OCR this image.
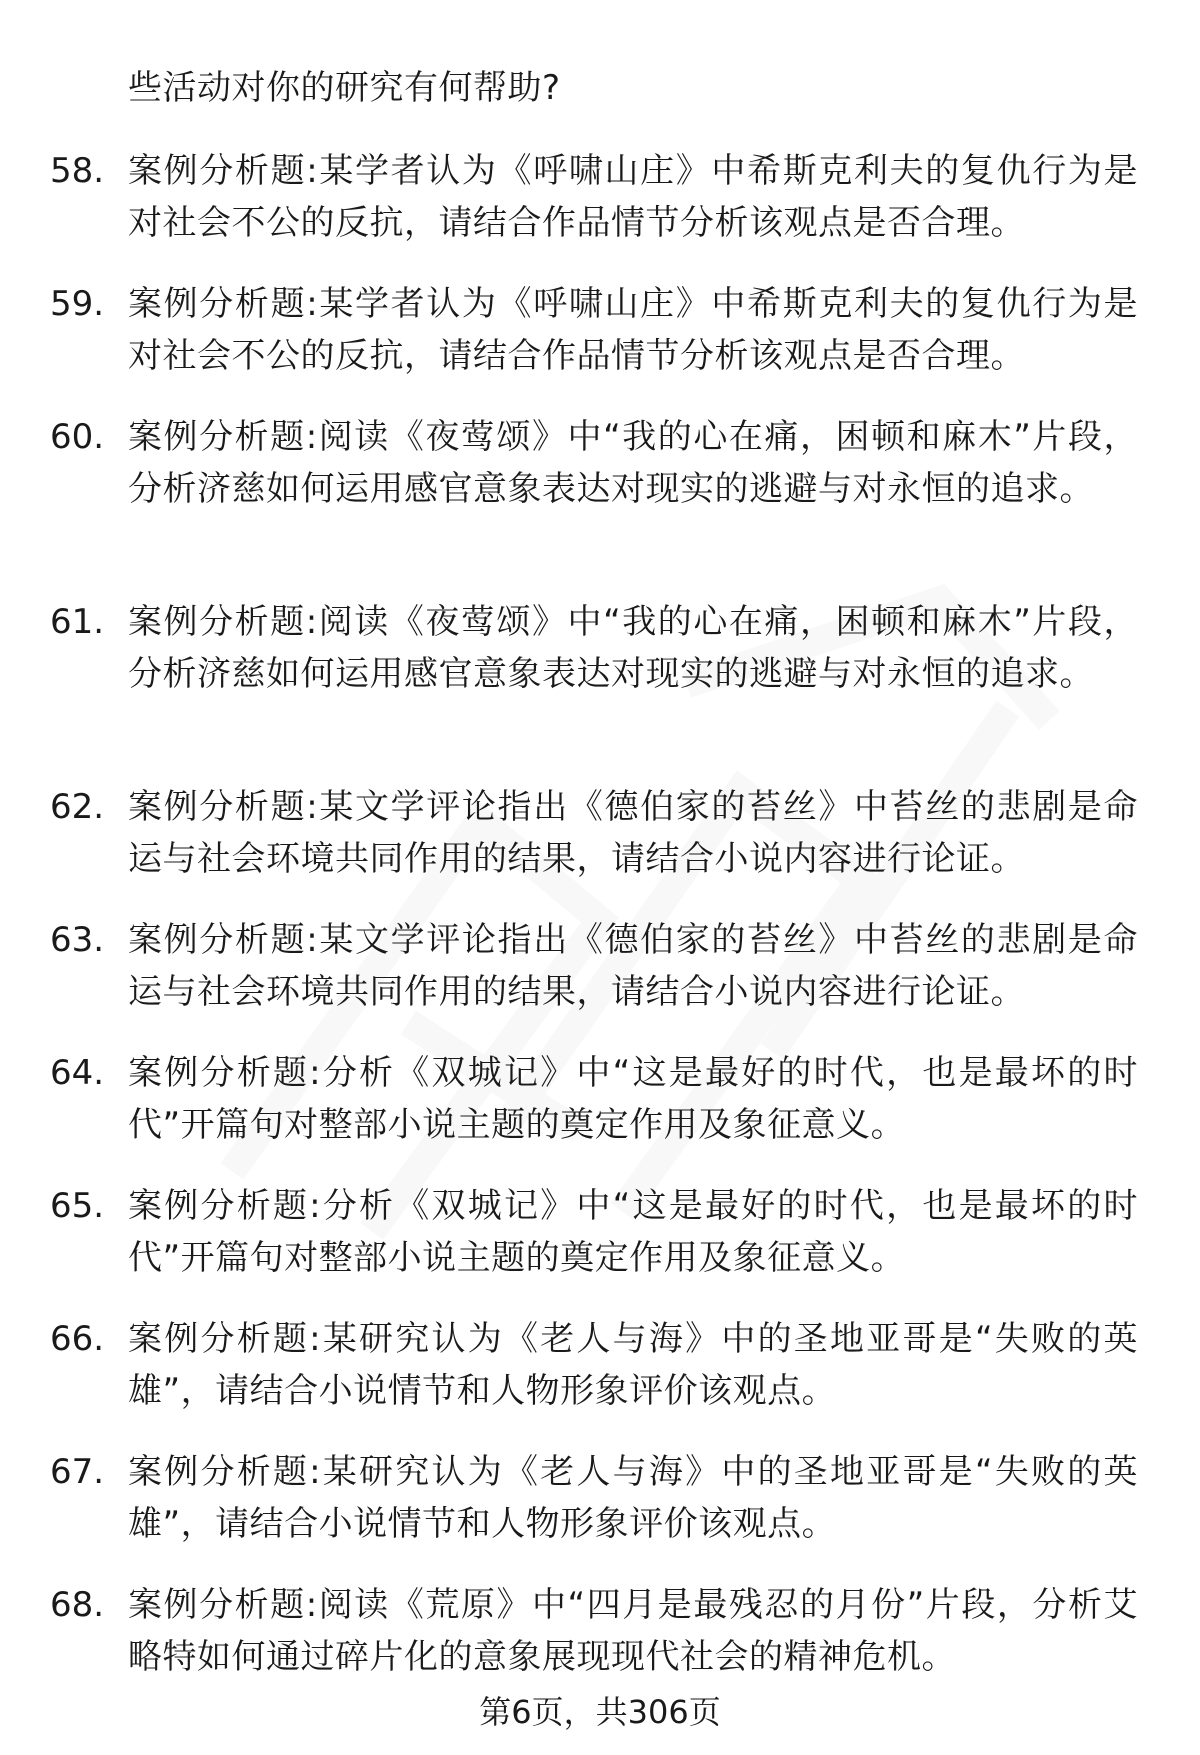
些活动对你的研究有何帮助?
58. 案例分析题:某学者认为《呼啸山庄》中希斯克利夫的复仇行为是对社会不公的反抗，请结合作品情节分析该观点是否合理。
59. 案例分析题:某学者认为《呼啸山庄》中希斯克利夫的复仇行为是对社会不公的反抗，请结合作品情节分析该观点是否合理。
60. 案例分析题:阅读《夜莺颂》中“我的心在痛，困顿和麻木”片段，分析济慈如何运用感官意象表达对现实的逃避与对永恒的追求。
61. 案例分析题:阅读《夜莺颂》中“我的心在痛，困顿和麻木”片段，分析济慈如何运用感官意象表达对现实的逃避与对永恒的追求。
62. 案例分析题:某文学评论指出《德伯家的苔丝》中苔丝的悲剧是命运与社会环境共同作用的结果，请结合小说内容进行论证。
63. 案例分析题:某文学评论指出《德伯家的苔丝》中苔丝的悲剧是命运与社会环境共同作用的结果，请结合小说内容进行论证。
64. 案例分析题:分析《双城记》中“这是最好的时代，也是最坏的时代”开篇句对整部小说主题的奠定作用及象征意义。
65. 案例分析题:分析《双城记》中“这是最好的时代，也是最坏的时代”开篇句对整部小说主题的奠定作用及象征意义。
66. 案例分析题:某研究认为《老人与海》中的圣地亚哥是“失败的英雄”，请结合小说情节和人物形象评价该观点。
67. 案例分析题:某研究认为《老人与海》中的圣地亚哥是“失败的英雄”，请结合小说情节和人物形象评价该观点。
68. 案例分析题:阅读《荒原》中“四月是最残忍的月份”片段，分析艾略特如何通过碎片化的意象展现现代社会的精神危机。
第6页，共306页
